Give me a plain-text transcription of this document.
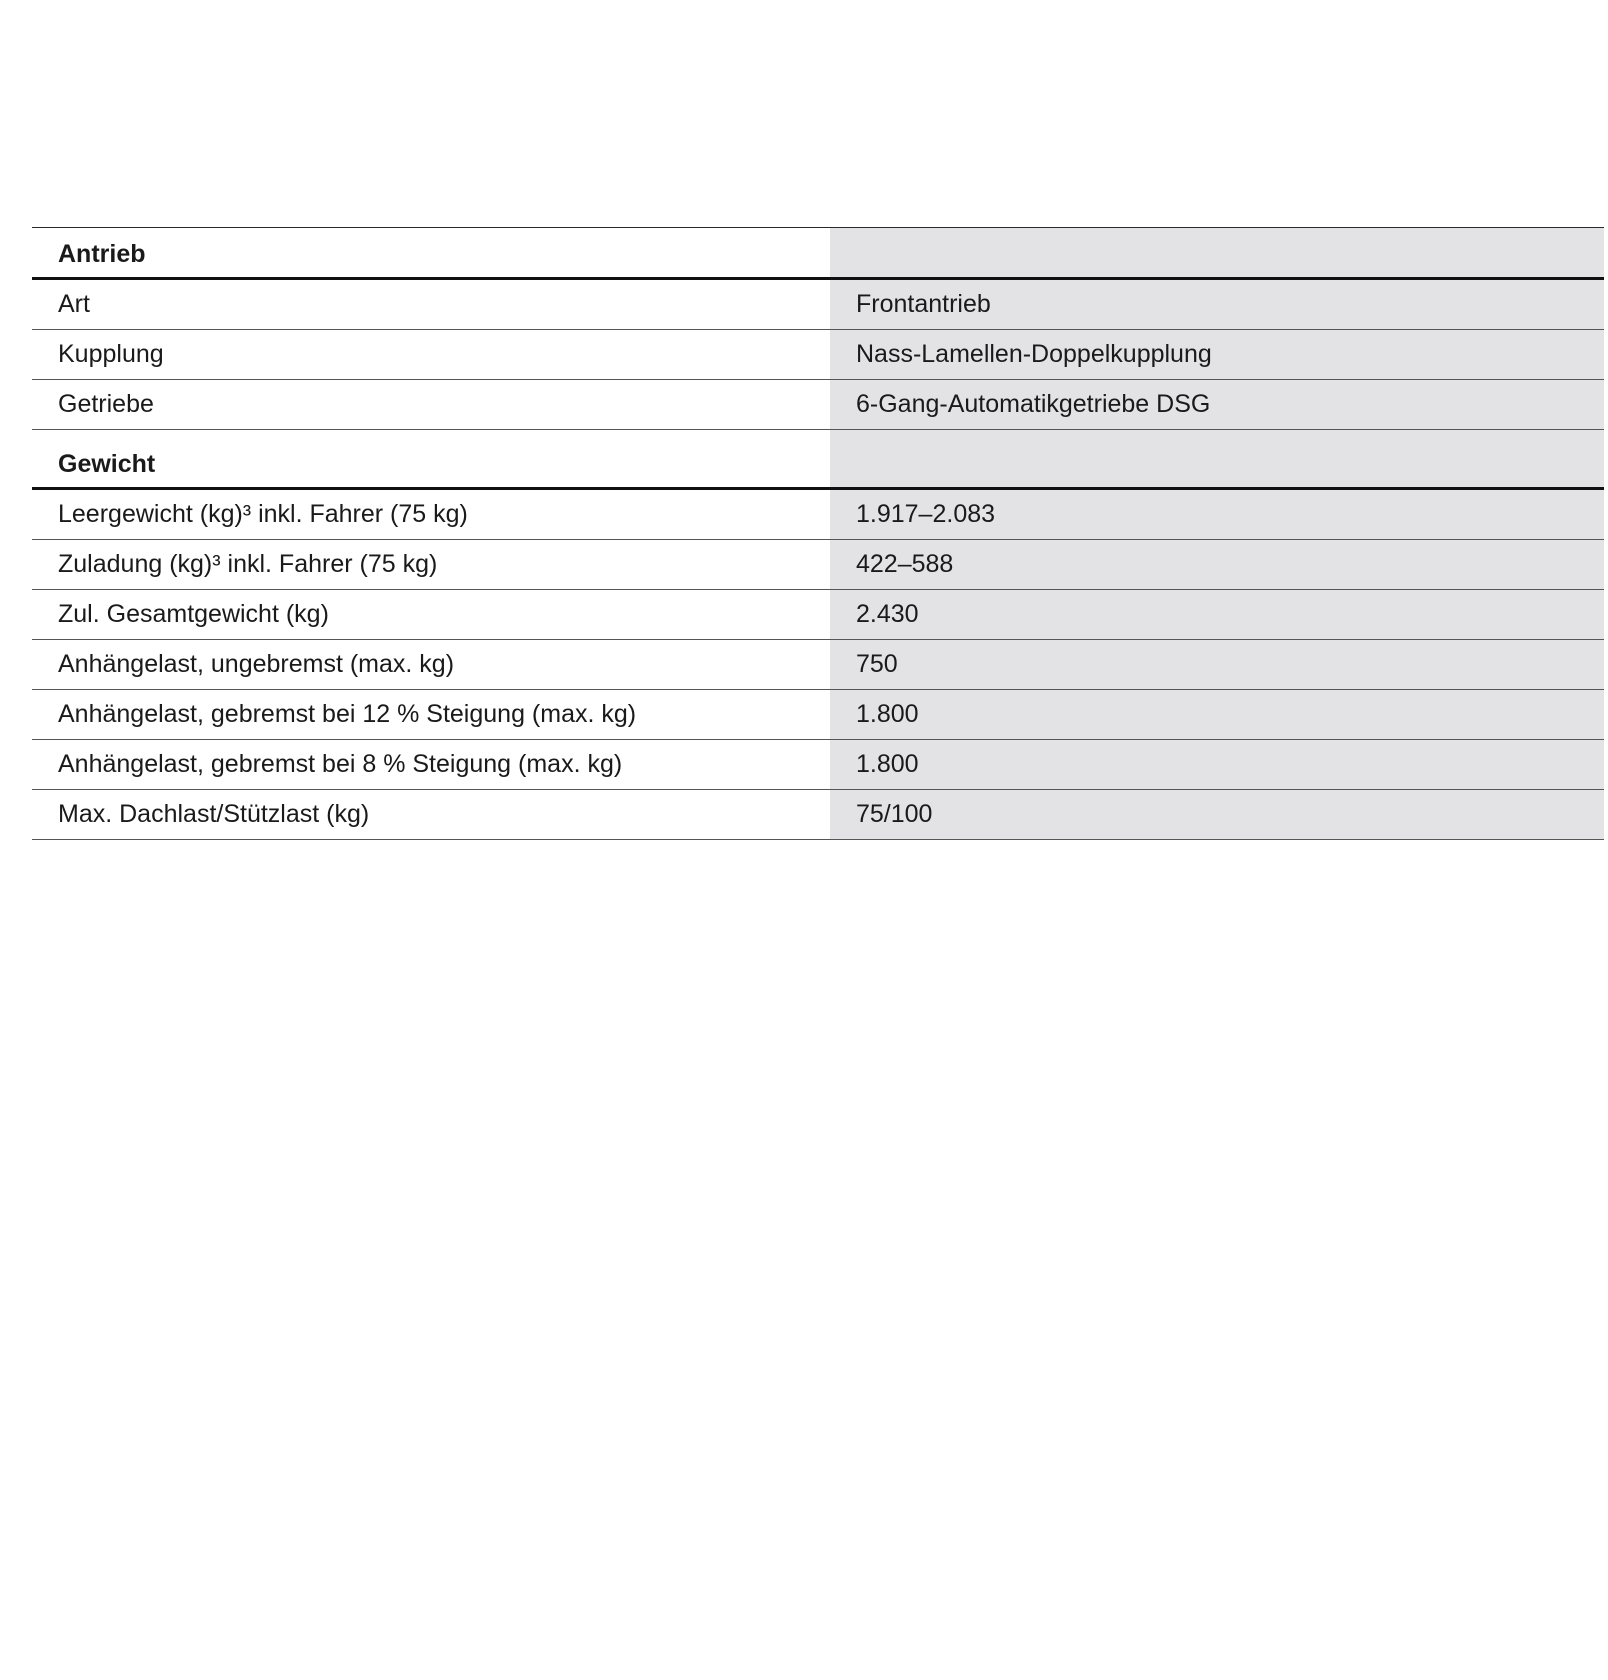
Antrieb
Art	Frontantrieb
Kupplung	Nass-Lamellen-Doppelkupplung
Getriebe	6-Gang-Automatikgetriebe DSG
Gewicht
Leergewicht (kg)³ inkl. Fahrer (75 kg)	1.917–2.083
Zuladung (kg)³ inkl. Fahrer (75 kg)	422–588
Zul. Gesamtgewicht (kg)	2.430
Anhängelast, ungebremst (max. kg)	750
Anhängelast, gebremst bei 12 % Steigung (max. kg)	1.800
Anhängelast, gebremst bei 8 % Steigung (max. kg)	1.800
Max. Dachlast/Stützlast (kg)	75/100
